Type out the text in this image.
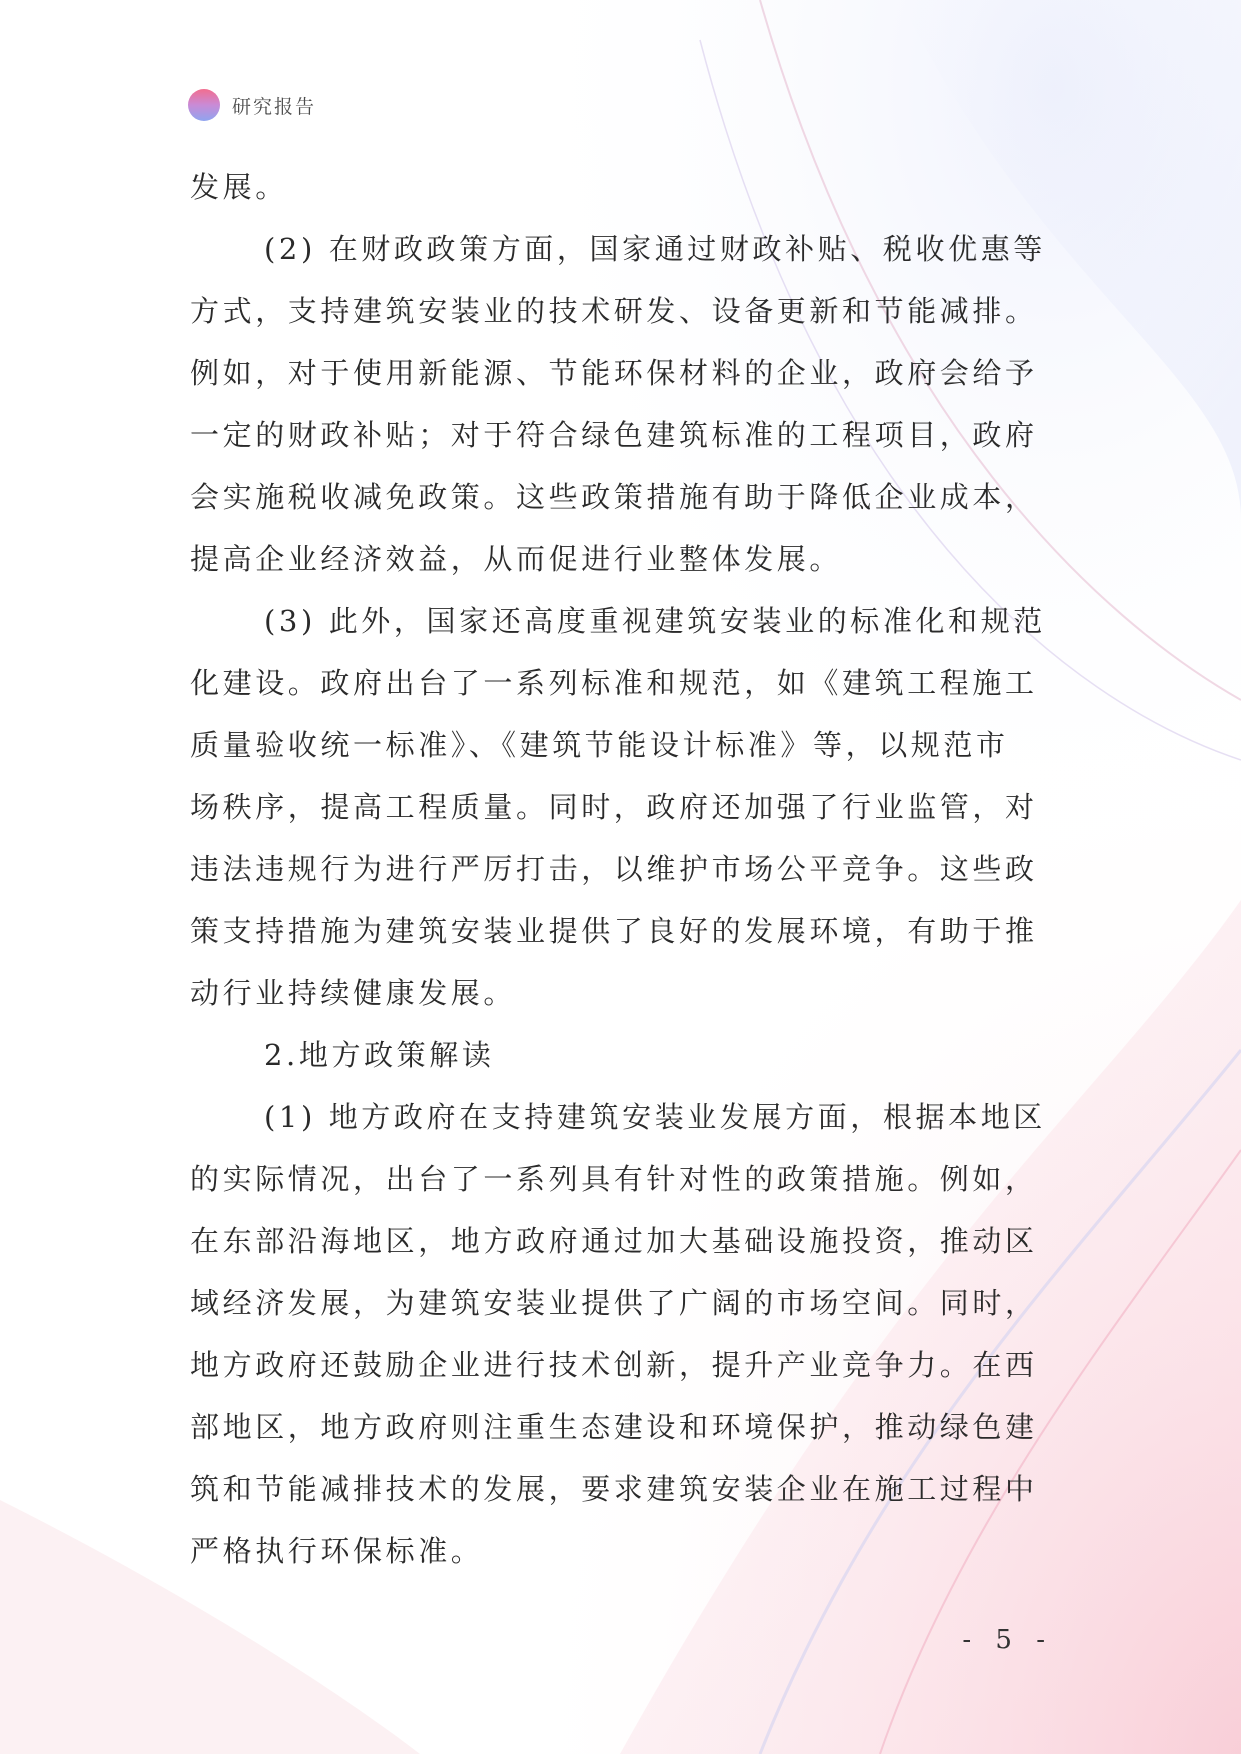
研究报告
发展。
(2) 在财政政策方面，国家通过财政补贴、税收优惠等
方式，支持建筑安装业的技术研发、设备更新和节能减排。
例如，对于使用新能源、节能环保材料的企业，政府会给予
一定的财政补贴；对于符合绿色建筑标准的工程项目，政府
会实施税收减免政策。这些政策措施有助于降低企业成本，
提高企业经济效益，从而促进行业整体发展。
(3) 此外，国家还高度重视建筑安装业的标准化和规范
化建设。政府出台了一系列标准和规范，如《建筑工程施工
质量验收统一标准》、《建筑节能设计标准》等，以规范市
场秩序，提高工程质量。同时，政府还加强了行业监管，对
违法违规行为进行严厉打击，以维护市场公平竞争。这些政
策支持措施为建筑安装业提供了良好的发展环境，有助于推
动行业持续健康发展。
2.地方政策解读
(1) 地方政府在支持建筑安装业发展方面，根据本地区
的实际情况，出台了一系列具有针对性的政策措施。例如，
在东部沿海地区，地方政府通过加大基础设施投资，推动区
域经济发展，为建筑安装业提供了广阔的市场空间。同时，
地方政府还鼓励企业进行技术创新，提升产业竞争力。在西
部地区，地方政府则注重生态建设和环境保护，推动绿色建
筑和节能减排技术的发展，要求建筑安装企业在施工过程中
严格执行环保标准。
- 5 -
